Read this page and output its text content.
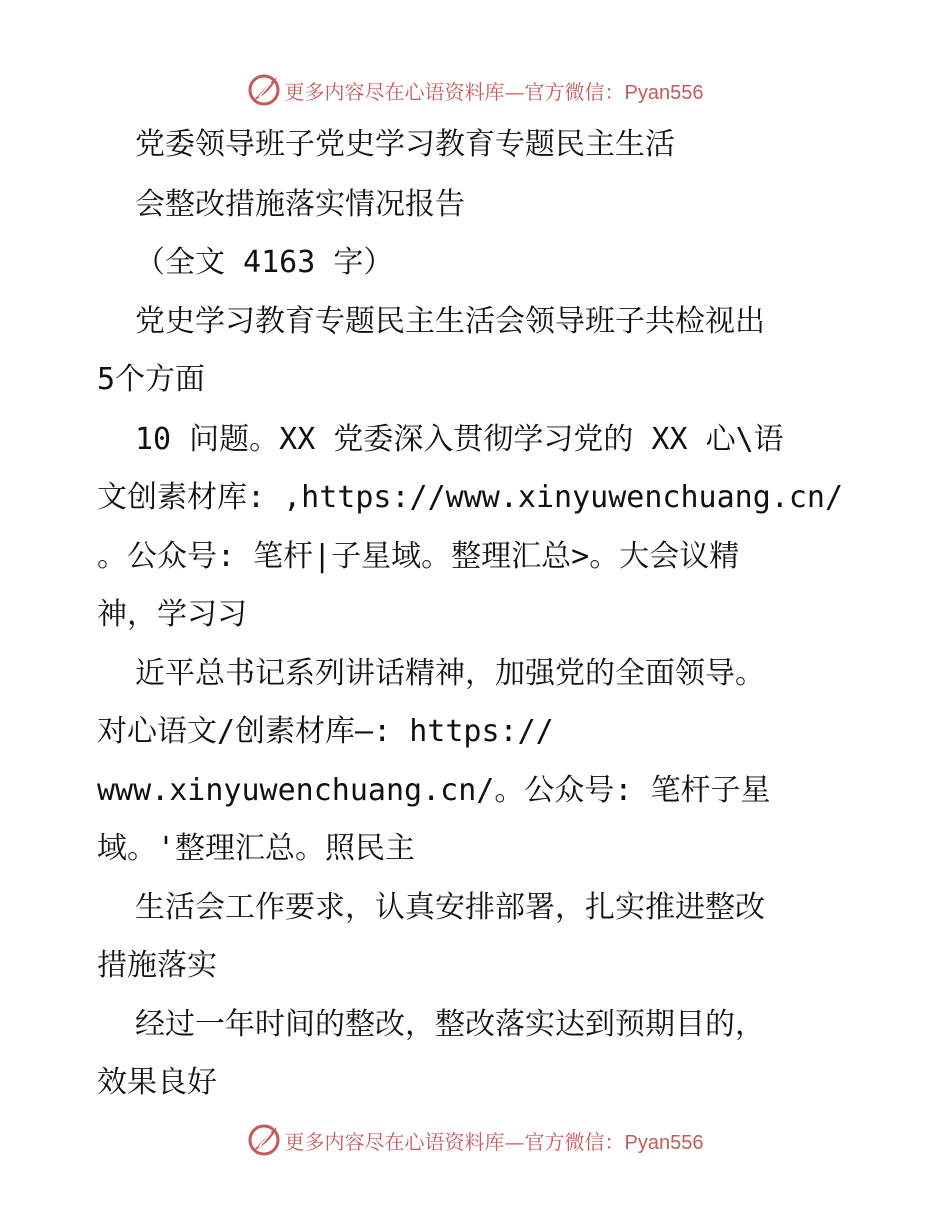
更多内容尽在心语资料库—官方微信：Pyan556
党委领导班子党史学习教育专题民主生活
会整改措施落实情况报告
（全文 4163 字）
党史学习教育专题民主生活会领导班子共检视出
5个方面
10 问题。XX 党委深入贯彻学习党的 XX 心\语
文创素材库: ,https://www.xinyuwenchuang.cn/
。公众号: 笔杆|子星域。整理汇总>。大会议精
神，学习习
近平总书记系列讲话精神，加强党的全面领导。
对心语文/创素材库—: https://
www.xinyuwenchuang.cn/。公众号: 笔杆子星
域。'整理汇总。照民主
生活会工作要求，认真安排部署，扎实推进整改
措施落实
经过一年时间的整改，整改落实达到预期目的，
效果良好
更多内容尽在心语资料库—官方微信：Pyan556
